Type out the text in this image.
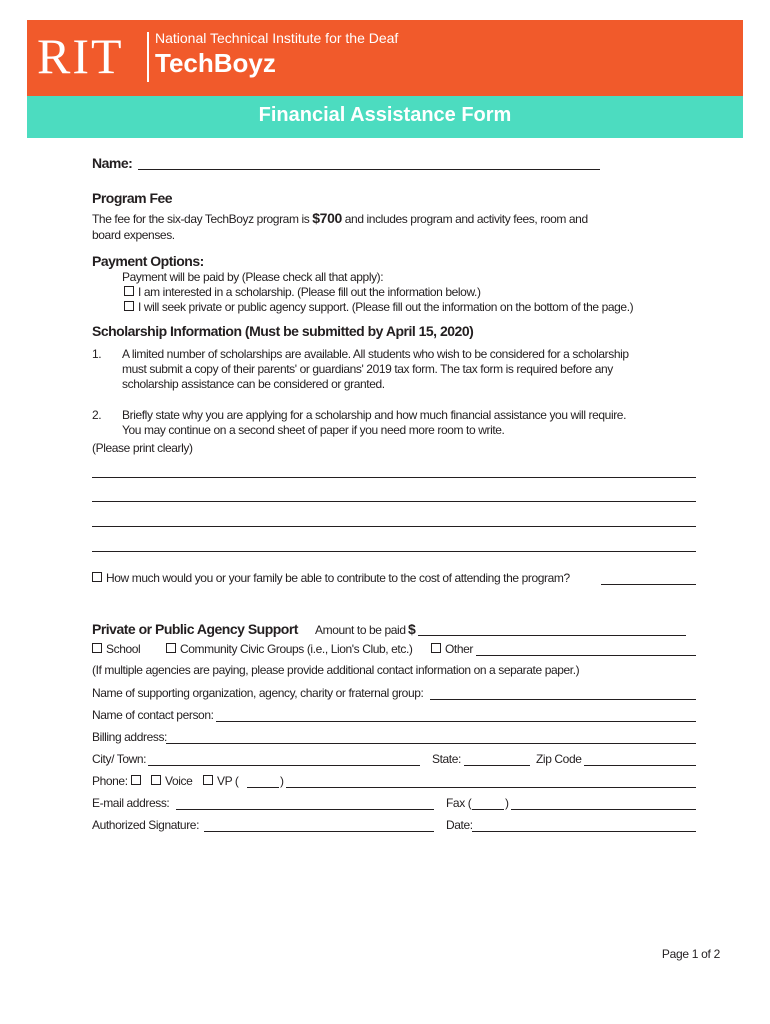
RIT National Technical Institute for the Deaf
TechBoyz
Financial Assistance Form
Name:
Program Fee
The fee for the six-day TechBoyz program is $700 and includes program and activity fees, room and
board expenses.
Payment Options:
Payment will be paid by (Please check all that apply):
I am interested in a scholarship. (Please fill out the information below.)
I will seek private or public agency support. (Please fill out the information on the bottom of the page.)
Scholarship Information (Must be submitted by April 15, 2020)
1. A limited number of scholarships are available. All students who wish to be considered for a scholarship
must submit a copy of their parents' or guardians' 2019 tax form. The tax form is required before any
scholarship assistance can be considered or granted.
2. Briefly state why you are applying for a scholarship and how much financial assistance you will require.
You may continue on a second sheet of paper if you need more room to write.
(Please print clearly)
How much would you or your family be able to contribute to the cost of attending the program?
Private or Public Agency Support Amount to be paid $
School	Community Civic Groups (i.e., Lion's Club, etc.)	Other
(If multiple agencies are paying, please provide additional contact information on a separate paper.)
Name of supporting organization, agency, charity or fraternal group:
Name of contact person:
Billing address:
City/ Town:	State:	Zip Code
Phone:	Voice	VP (	)
E-mail address:	Fax (	)
Authorized Signature:	Date:
Page 1 of 2
